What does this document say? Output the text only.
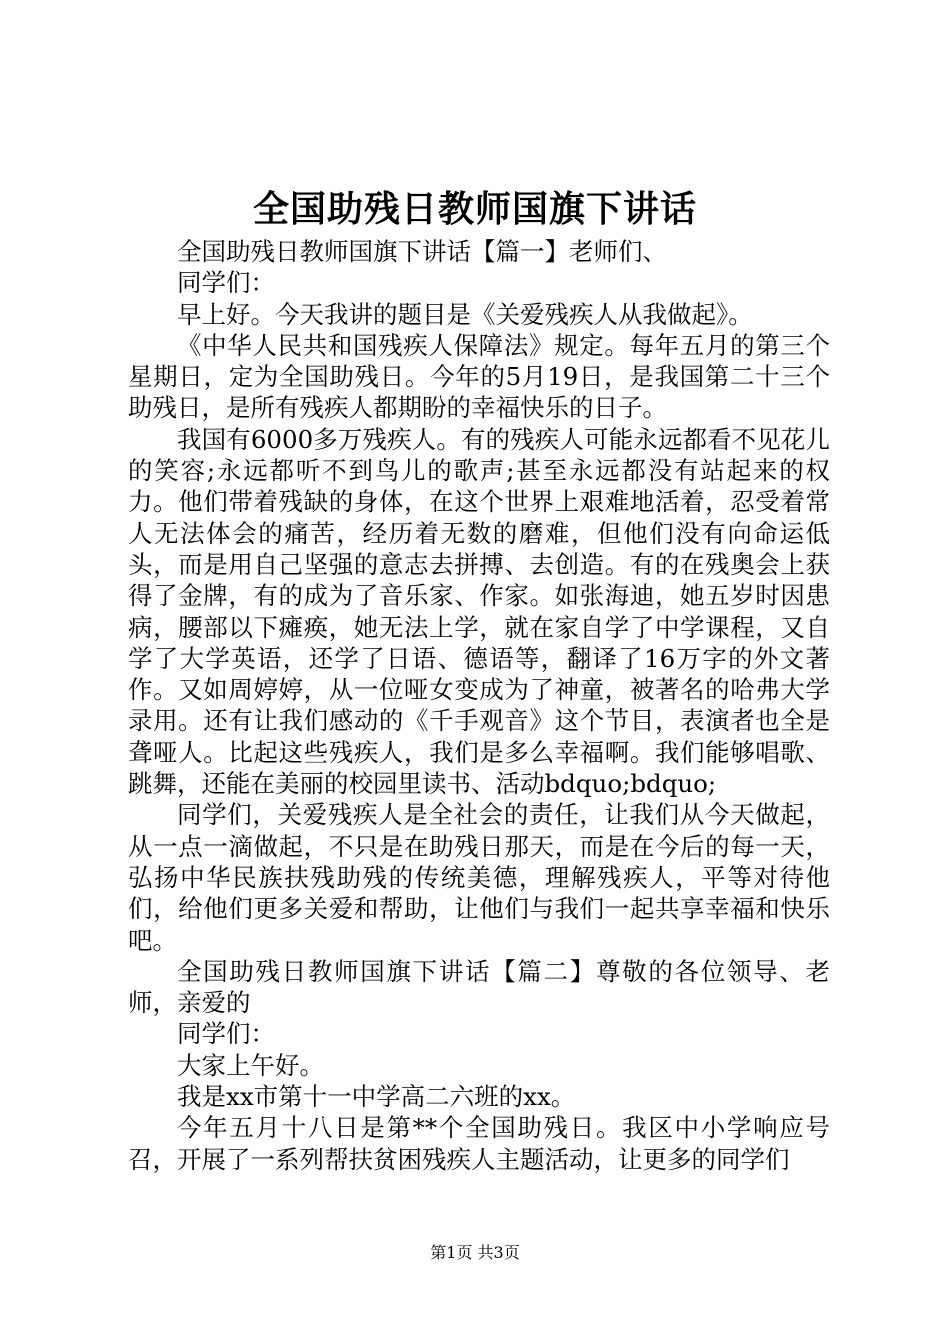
全国助残日教师国旗下讲话

全国助残日教师国旗下讲话【篇一】老师们、

同学们：

早上好。今天我讲的题目是《关爱残疾人从我做起》。

《中华人民共和国残疾人保障法》规定。每年五月的第三个星期日，定为全国助残日。今年的5月19日，是我国第二十三个助残日，是所有残疾人都期盼的幸福快乐的日子。

我国有6000多万残疾人。有的残疾人可能永远都看不见花儿的笑容;永远都听不到鸟儿的歌声;甚至永远都没有站起来的权力。他们带着残缺的身体，在这个世界上艰难地活着，忍受着常人无法体会的痛苦，经历着无数的磨难，但他们没有向命运低头，而是用自己坚强的意志去拼搏、去创造。有的在残奥会上获得了金牌，有的成为了音乐家、作家。如张海迪，她五岁时因患病，腰部以下瘫痪，她无法上学，就在家自学了中学课程，又自学了大学英语，还学了日语、德语等，翻译了16万字的外文著作。又如周婷婷，从一位哑女变成为了神童，被著名的哈弗大学录用。还有让我们感动的《千手观音》这个节目，表演者也全是聋哑人。比起这些残疾人，我们是多么幸福啊。我们能够唱歌、跳舞，还能在美丽的校园里读书、活动bdquo;bdquo;

同学们，关爱残疾人是全社会的责任，让我们从今天做起，从一点一滴做起，不只是在助残日那天，而是在今后的每一天，弘扬中华民族扶残助残的传统美德，理解残疾人，平等对待他们，给他们更多关爱和帮助，让他们与我们一起共享幸福和快乐吧。

全国助残日教师国旗下讲话【篇二】尊敬的各位领导、老师，亲爱的

同学们：

大家上午好。

我是xx市第十一中学高二六班的xx。

今年五月十八日是第**个全国助残日。我区中小学响应号召，开展了一系列帮扶贫困残疾人主题活动，让更多的同学们

第1页 共3页
